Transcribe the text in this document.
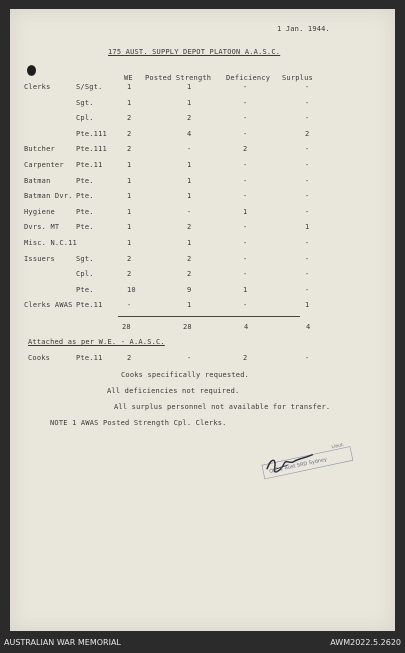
1 Jan. 1944.
175 AUST. SUPPLY DEPOT PLATOON A.A.S.C.
WE Posted Strength Deficiency Surplus
Clerks	S/Sgt.	1	1	-	-
Sgt.	1	1	-	-
Cpl.	2	2	-	-
Pte.111	2	4	-	2
Butcher	Pte.111	2	-	2	-
Carpenter Pte.11	1	1	-	-
Batman	Pte.	1	1	-	-
Batman Dvr. Pte.	1	1	-	-
Hygiene	Pte.	1	-	1	-
Dvrs. MT Pte.	1	2	-	1
Misc. N.C.11	1	1	-	-
Issuers	Sgt.	2	2	-	-
Cpl.	2	2	-	-
Pte.	10	9	1	-
Clerks AWAS Pte.11	-	1	-	1
28	28	4	4
Attached as per W.E. - A.A.S.C.
Cooks	Pte.11	2	-	2	-
Cooks specifically requested.
All deficiencies not required.
All surplus personnel not available for transfer.
NOTE 1 AWAS Posted Strength Cpl. Clerks.
O/C 1 Aust SRD Sydney
Lieut.
AUSTRALIAN WAR MEMORIAL	AWM2022.5.2620
